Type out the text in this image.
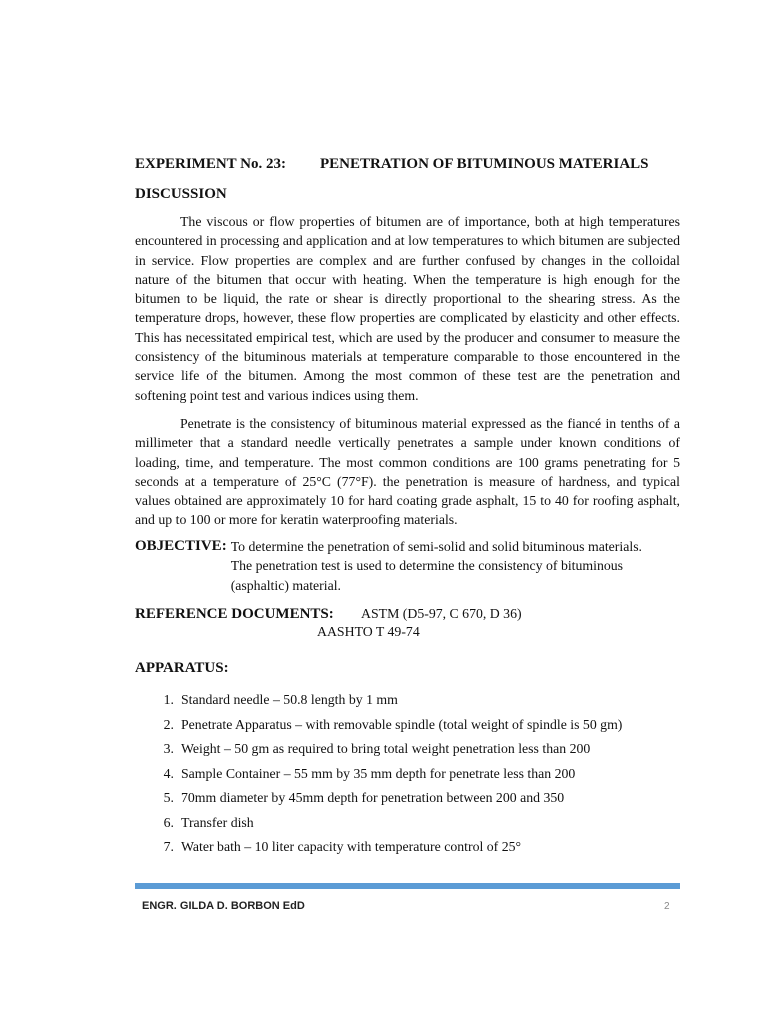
EXPERIMENT No. 23:	PENETRATION OF BITUMINOUS MATERIALS
DISCUSSION

The viscous or flow properties of bitumen are of importance, both at high temperatures encountered in processing and application and at low temperatures to which bitumen are subjected in service. Flow properties are complex and are further confused by changes in the colloidal nature of the bitumen that occur with heating. When the temperature is high enough for the bitumen to be liquid, the rate or shear is directly proportional to the shearing stress. As the temperature drops, however, these flow properties are complicated by elasticity and other effects. This has necessitated empirical test, which are used by the producer and consumer to measure the consistency of the bituminous materials at temperature comparable to those encountered in the service life of the bitumen. Among the most common of these test are the penetration and softening point test and various indices using them.

Penetrate is the consistency of bituminous material expressed as the fiancé in tenths of a millimeter that a standard needle vertically penetrates a sample under known conditions of loading, time, and temperature. The most common conditions are 100 grams penetrating for 5 seconds at a temperature of 25°C (77°F). the penetration is measure of hardness, and typical values obtained are approximately 10 for hard coating grade asphalt, 15 to 40 for roofing asphalt, and up to 100 or more for keratin waterproofing materials.

OBJECTIVE: To determine the penetration of semi-solid and solid bituminous materials.
The penetration test is used to determine the consistency of bituminous (asphaltic) material.
REFERENCE DOCUMENTS:	ASTM (D5-97, C 670, D 36)
AASHTO T 49-74
APPARATUS:
1. Standard needle – 50.8 length by 1 mm
2. Penetrate Apparatus – with removable spindle (total weight of spindle is 50 gm)
3. Weight – 50 gm as required to bring total weight penetration less than 200
4. Sample Container – 55 mm by 35 mm depth for penetrate less than 200
5. 70mm diameter by 45mm depth for penetration between 200 and 350
6. Transfer dish
7. Water bath – 10 liter capacity with temperature control of 25°
ENGR. GILDA D. BORBON EdD	2
